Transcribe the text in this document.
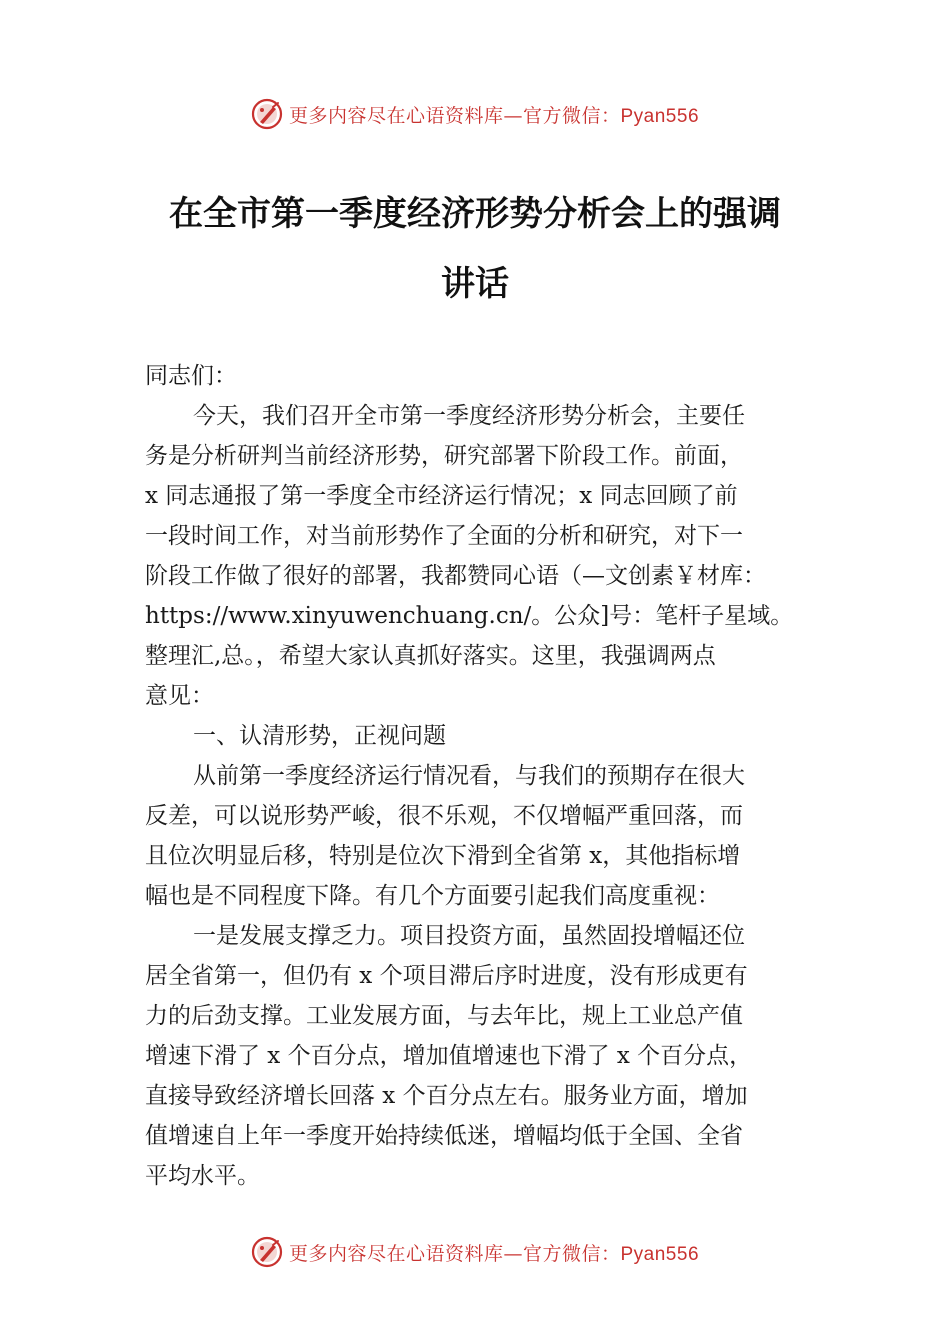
更多内容尽在心语资料库—官方微信：Pyan556
在全市第一季度经济形势分析会上的强调
讲话
同志们：
今天，我们召开全市第一季度经济形势分析会，主要任
务是分析研判当前经济形势，研究部署下阶段工作。前面，
x 同志通报了第一季度全市经济运行情况；x 同志回顾了前
一段时间工作，对当前形势作了全面的分析和研究，对下一
阶段工作做了很好的部署，我都赞同心语（—文创素￥材库：
https://www.xinyuwenchuang.cn/。公众]号：笔杆子星域。
整理汇,总。，希望大家认真抓好落实。这里，我强调两点
意见：
一、认清形势，正视问题
从前第一季度经济运行情况看，与我们的预期存在很大
反差，可以说形势严峻，很不乐观，不仅增幅严重回落，而
且位次明显后移，特别是位次下滑到全省第 x，其他指标增
幅也是不同程度下降。有几个方面要引起我们高度重视：
一是发展支撑乏力。项目投资方面，虽然固投增幅还位
居全省第一，但仍有 x 个项目滞后序时进度，没有形成更有
力的后劲支撑。工业发展方面，与去年比，规上工业总产值
增速下滑了 x 个百分点，增加值增速也下滑了 x 个百分点，
直接导致经济增长回落 x 个百分点左右。服务业方面，增加
值增速自上年一季度开始持续低迷，增幅均低于全国、全省
平均水平。
更多内容尽在心语资料库—官方微信：Pyan556
